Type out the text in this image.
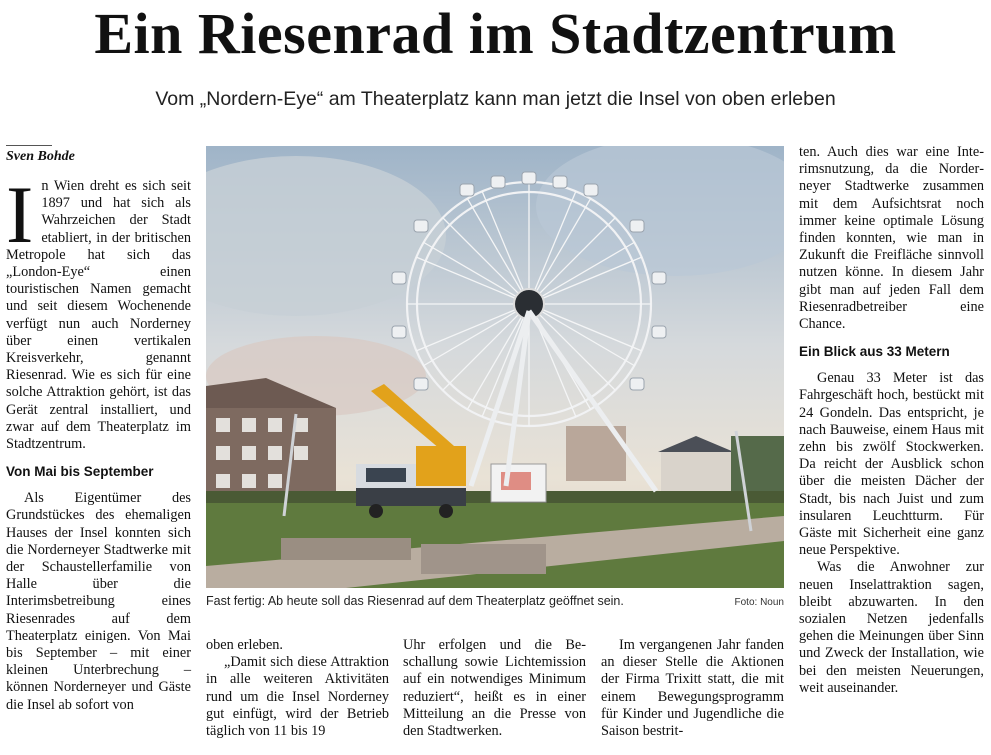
Ein Riesenrad im Stadtzentrum
Vom „Nordern-Eye“ am Theaterplatz kann man jetzt die Insel von oben erleben
Sven Bohde
I n Wien dreht es sich seit 1897 und hat sich als Wahrzeichen der Stadt etabliert, in der britischen Metropole hat sich das „London-Eye“ einen touristischen Namen gemacht und seit diesem Wochenende verfügt nun auch Norderney über einen vertikalen Kreisverkehr, genannt Riesenrad. Wie es sich für eine solche Attraktion gehört, ist das Gerät zentral installiert, und zwar auf dem Theaterplatz im Stadtzentrum.

Von Mai bis September

Als Eigentümer des Grundstückes des ehemaligen Hauses der Insel konnten sich die Norderneyer Stadtwerke mit der Schaustellerfamilie von Halle über die Interimsbetreibung eines Riesenrades auf dem Theaterplatz einigen. Von Mai bis September – mit einer kleinen Unterbrechung – können Norderneyer und Gäste die Insel ab sofort von

Fast fertig: Ab heute soll das Riesenrad auf dem Theaterplatz geöffnet sein.	Foto: Noun

oben erleben.

„Damit sich diese Attraktion in alle weiteren Aktivitäten rund um die Insel Norderney gut einfügt, wird der Betrieb täglich von 11 bis 19

Uhr erfolgen und die Beschallung sowie Lichtemission auf ein notwendiges Minimum reduziert“, heißt es in einer Mitteilung an die Presse von den Stadtwerken.

Im vergangenen Jahr fanden an dieser Stelle die Aktionen der Firma Trixitt statt, die mit einem Bewegungsprogramm für Kinder und Jugendliche die Saison bestrit-

ten. Auch dies war eine Interimsnutzung, da die Norderneyer Stadtwerke zusammen mit dem Aufsichtsrat noch immer keine optimale Lösung finden konnten, wie man in Zukunft die Freifläche sinnvoll nutzen könne. In diesem Jahr gibt man auf jeden Fall dem Riesenradbetreiber eine Chance.

Ein Blick aus 33 Metern

Genau 33 Meter ist das Fahrgeschäft hoch, bestückt mit 24 Gondeln. Das entspricht, je nach Bauweise, einem Haus mit zehn bis zwölf Stockwerken. Da reicht der Ausblick schon über die meisten Dächer der Stadt, bis nach Juist und zum insularen Leuchtturm. Für Gäste mit Sicherheit eine ganz neue Perspektive.

Was die Anwohner zur neuen Inselattraktion sagen, bleibt abzuwarten. In den sozialen Netzen jedenfalls gehen die Meinungen über Sinn und Zweck der Installation, wie bei den meisten Neuerungen, weit auseinander.
